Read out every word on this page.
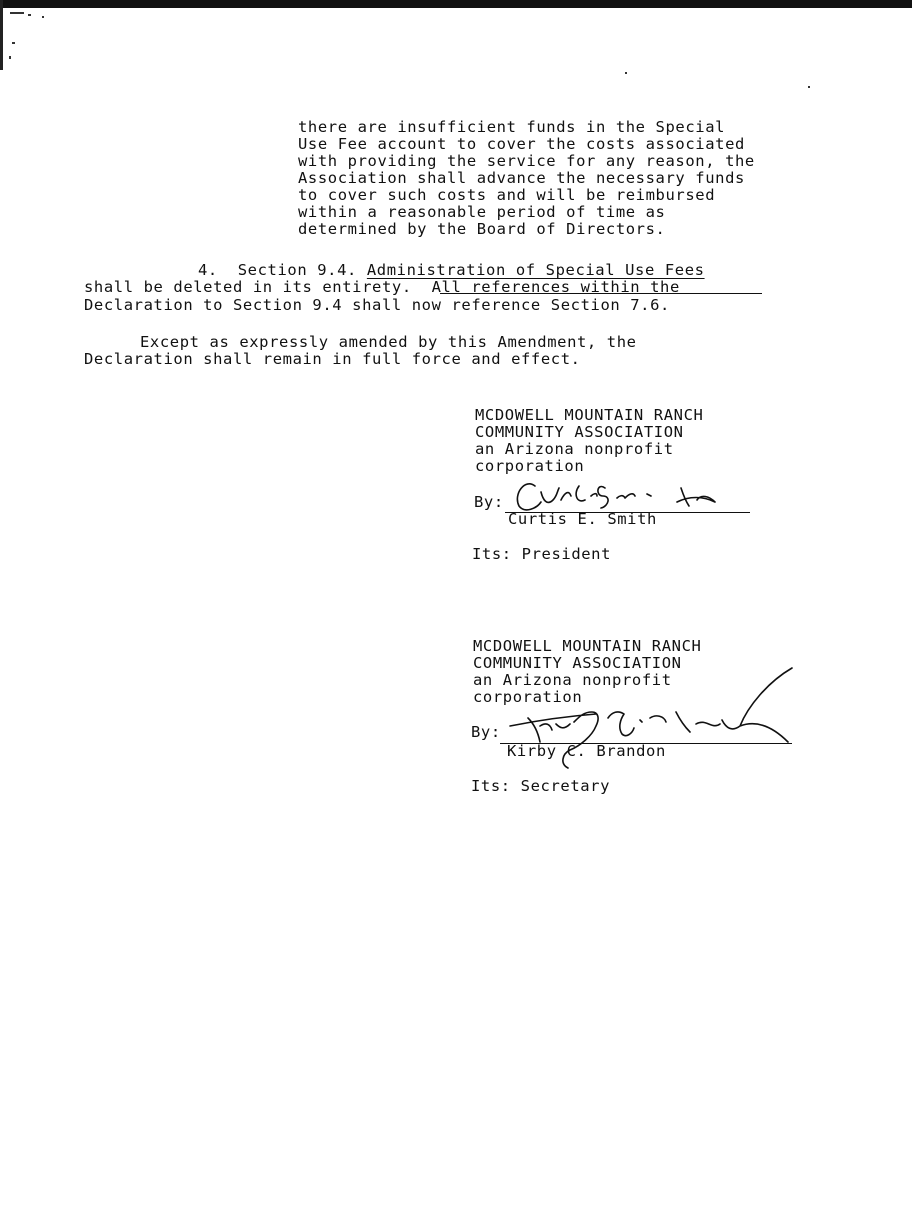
there are insufficient funds in the Special
Use Fee account to cover the costs associated
with providing the service for any reason, the
Association shall advance the necessary funds
to cover such costs and will be reimbursed
within a reasonable period of time as
determined by the Board of Directors.
4. Section 9.4. Administration of Special Use Fees
shall be deleted in its entirety. All references within the
Declaration to Section 9.4 shall now reference Section 7.6.
Except as expressly amended by this Amendment, the
Declaration shall remain in full force and effect.
MCDOWELL MOUNTAIN RANCH
COMMUNITY ASSOCIATION
an Arizona nonprofit
corporation
By:
Curtis E. Smith
Its: President
MCDOWELL MOUNTAIN RANCH
COMMUNITY ASSOCIATION
an Arizona nonprofit
corporation
By:
Kirby C. Brandon
Its: Secretary
